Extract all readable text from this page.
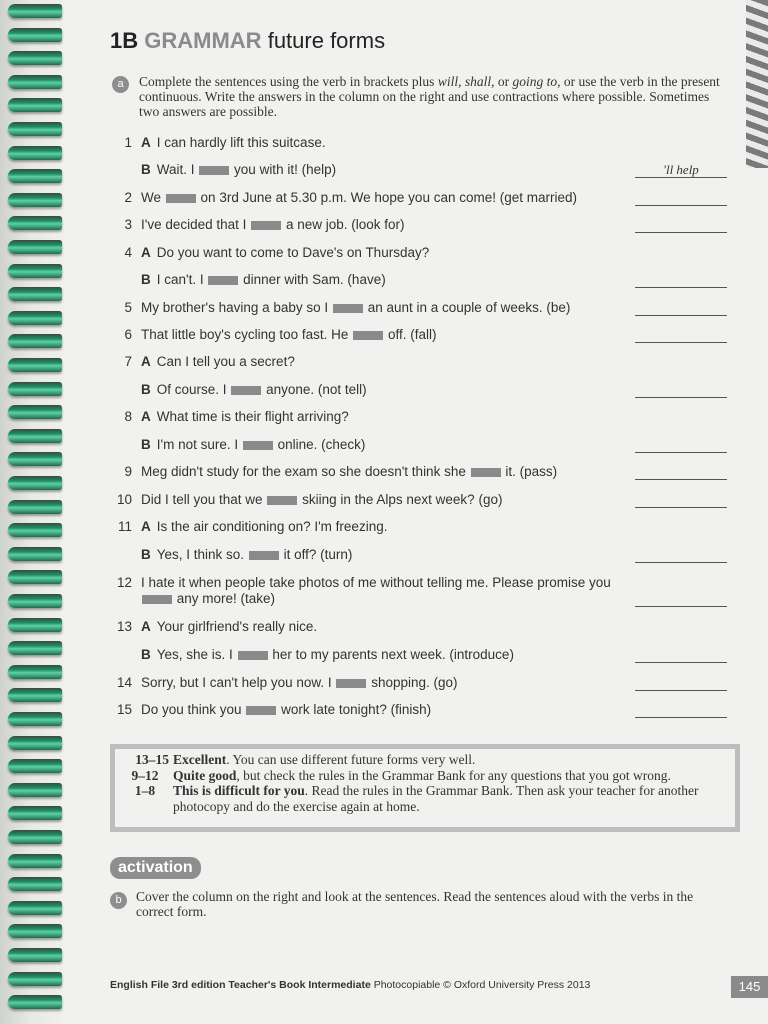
1B GRAMMAR future forms
a	Complete the sentences using the verb in brackets plus will, shall, or going to, or use the verb in the present continuous. Write the answers in the column on the right and use contractions where possible. Sometimes two answers are possible.

1 A I can hardly lift this suitcase.
B Wait. I	you with it! (help)	'll help
2 We	on 3rd June at 5.30 p.m. We hope you can come! (get married)
3 I've decided that I	a new job. (look for)
4 A Do you want to come to Dave's on Thursday?
B I can't. I	dinner with Sam. (have)
5 My brother's having a baby so I	an aunt in a couple of weeks. (be)
6 That little boy's cycling too fast. He	off. (fall)
7 A Can I tell you a secret?
B Of course. I	anyone. (not tell)
8 A What time is their flight arriving?
B I'm not sure. I	online. (check)
9 Meg didn't study for the exam so she doesn't think she	it. (pass)
10 Did I tell you that we	skiing in the Alps next week? (go)
11 A Is the air conditioning on? I'm freezing.
B Yes, I think so.	it off? (turn)
12 I hate it when people take photos of me without telling me. Please promise you  any more! (take)
13 A Your girlfriend's really nice.
B Yes, she is. I	her to my parents next week. (introduce)
14 Sorry, but I can't help you now. I	shopping. (go)
15 Do you think you	work late tonight? (finish)
13–15 Excellent. You can use different future forms very well.
9–12	Quite good, but check the rules in the Grammar Bank for any questions that you got wrong.
1–8	This is difficult for you. Read the rules in the Grammar Bank. Then ask your teacher for another photocopy and do the exercise again at home.
activation
b	Cover the column on the right and look at the sentences. Read the sentences aloud with the verbs in the correct form.

English File 3rd edition Teacher's Book Intermediate Photocopiable © Oxford University Press 2013	145
